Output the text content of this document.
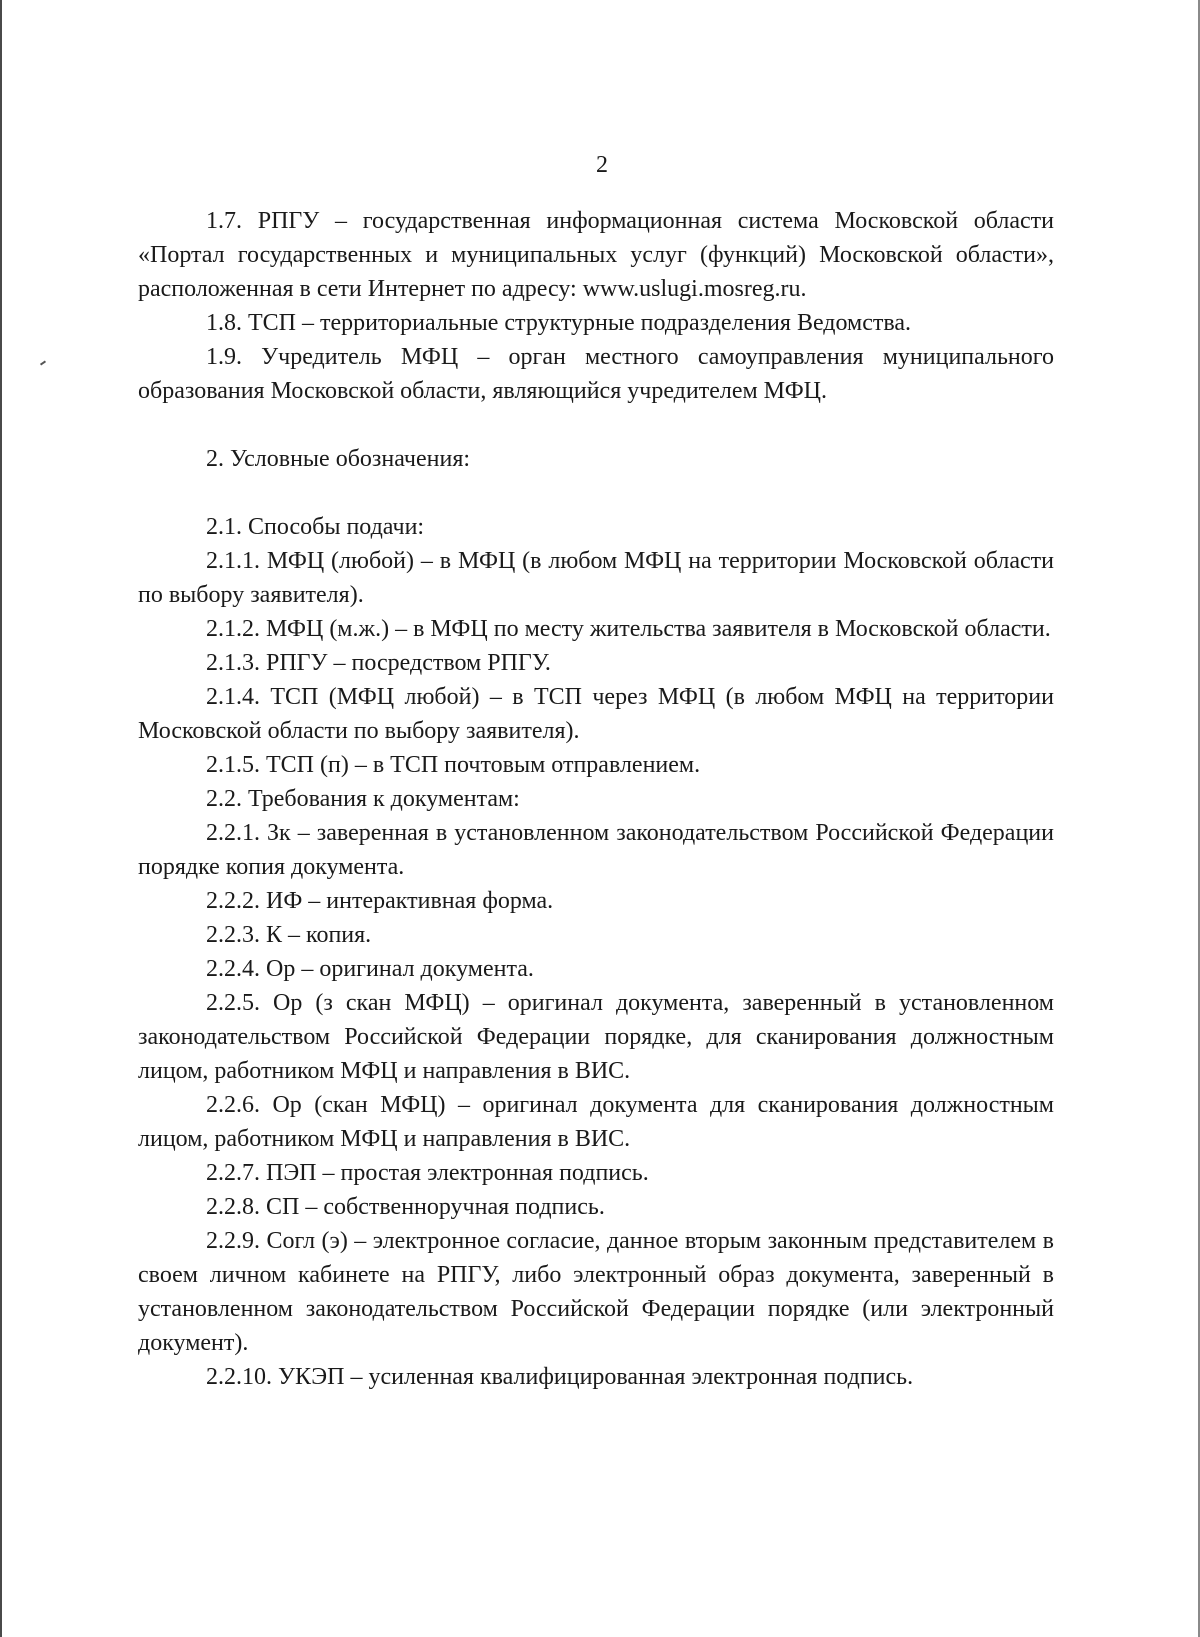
2

1.7. РПГУ – государственная информационная система Московской области «Портал государственных и муниципальных услуг (функций) Московской области», расположенная в сети Интернет по адресу: www.uslugi.mosreg.ru.

1.8. ТСП – территориальные структурные подразделения Ведомства.

1.9. Учредитель МФЦ – орган местного самоуправления муниципального образования Московской области, являющийся учредителем МФЦ.

2. Условные обозначения:

2.1. Способы подачи:

2.1.1. МФЦ (любой) – в МФЦ (в любом МФЦ на территории Московской области по выбору заявителя).

2.1.2. МФЦ (м.ж.) – в МФЦ по месту жительства заявителя в Московской области.

2.1.3. РПГУ – посредством РПГУ.

2.1.4. ТСП (МФЦ любой) – в ТСП через МФЦ (в любом МФЦ на территории Московской области по выбору заявителя).

2.1.5. ТСП (п) – в ТСП почтовым отправлением.

2.2. Требования к документам:

2.2.1. Зк – заверенная в установленном законодательством Российской Федерации порядке копия документа.

2.2.2. ИФ – интерактивная форма.

2.2.3. К – копия.

2.2.4. Ор – оригинал документа.

2.2.5. Ор (з скан МФЦ) – оригинал документа, заверенный в установленном законодательством Российской Федерации порядке, для сканирования должностным лицом, работником МФЦ и направления в ВИС.

2.2.6. Ор (скан МФЦ) – оригинал документа для сканирования должностным лицом, работником МФЦ и направления в ВИС.

2.2.7. ПЭП – простая электронная подпись.

2.2.8. СП – собственноручная подпись.

2.2.9. Согл (э) – электронное согласие, данное вторым законным представителем в своем личном кабинете на РПГУ, либо электронный образ документа, заверенный в установленном законодательством Российской Федерации порядке (или электронный документ).

2.2.10. УКЭП – усиленная квалифицированная электронная подпись.
